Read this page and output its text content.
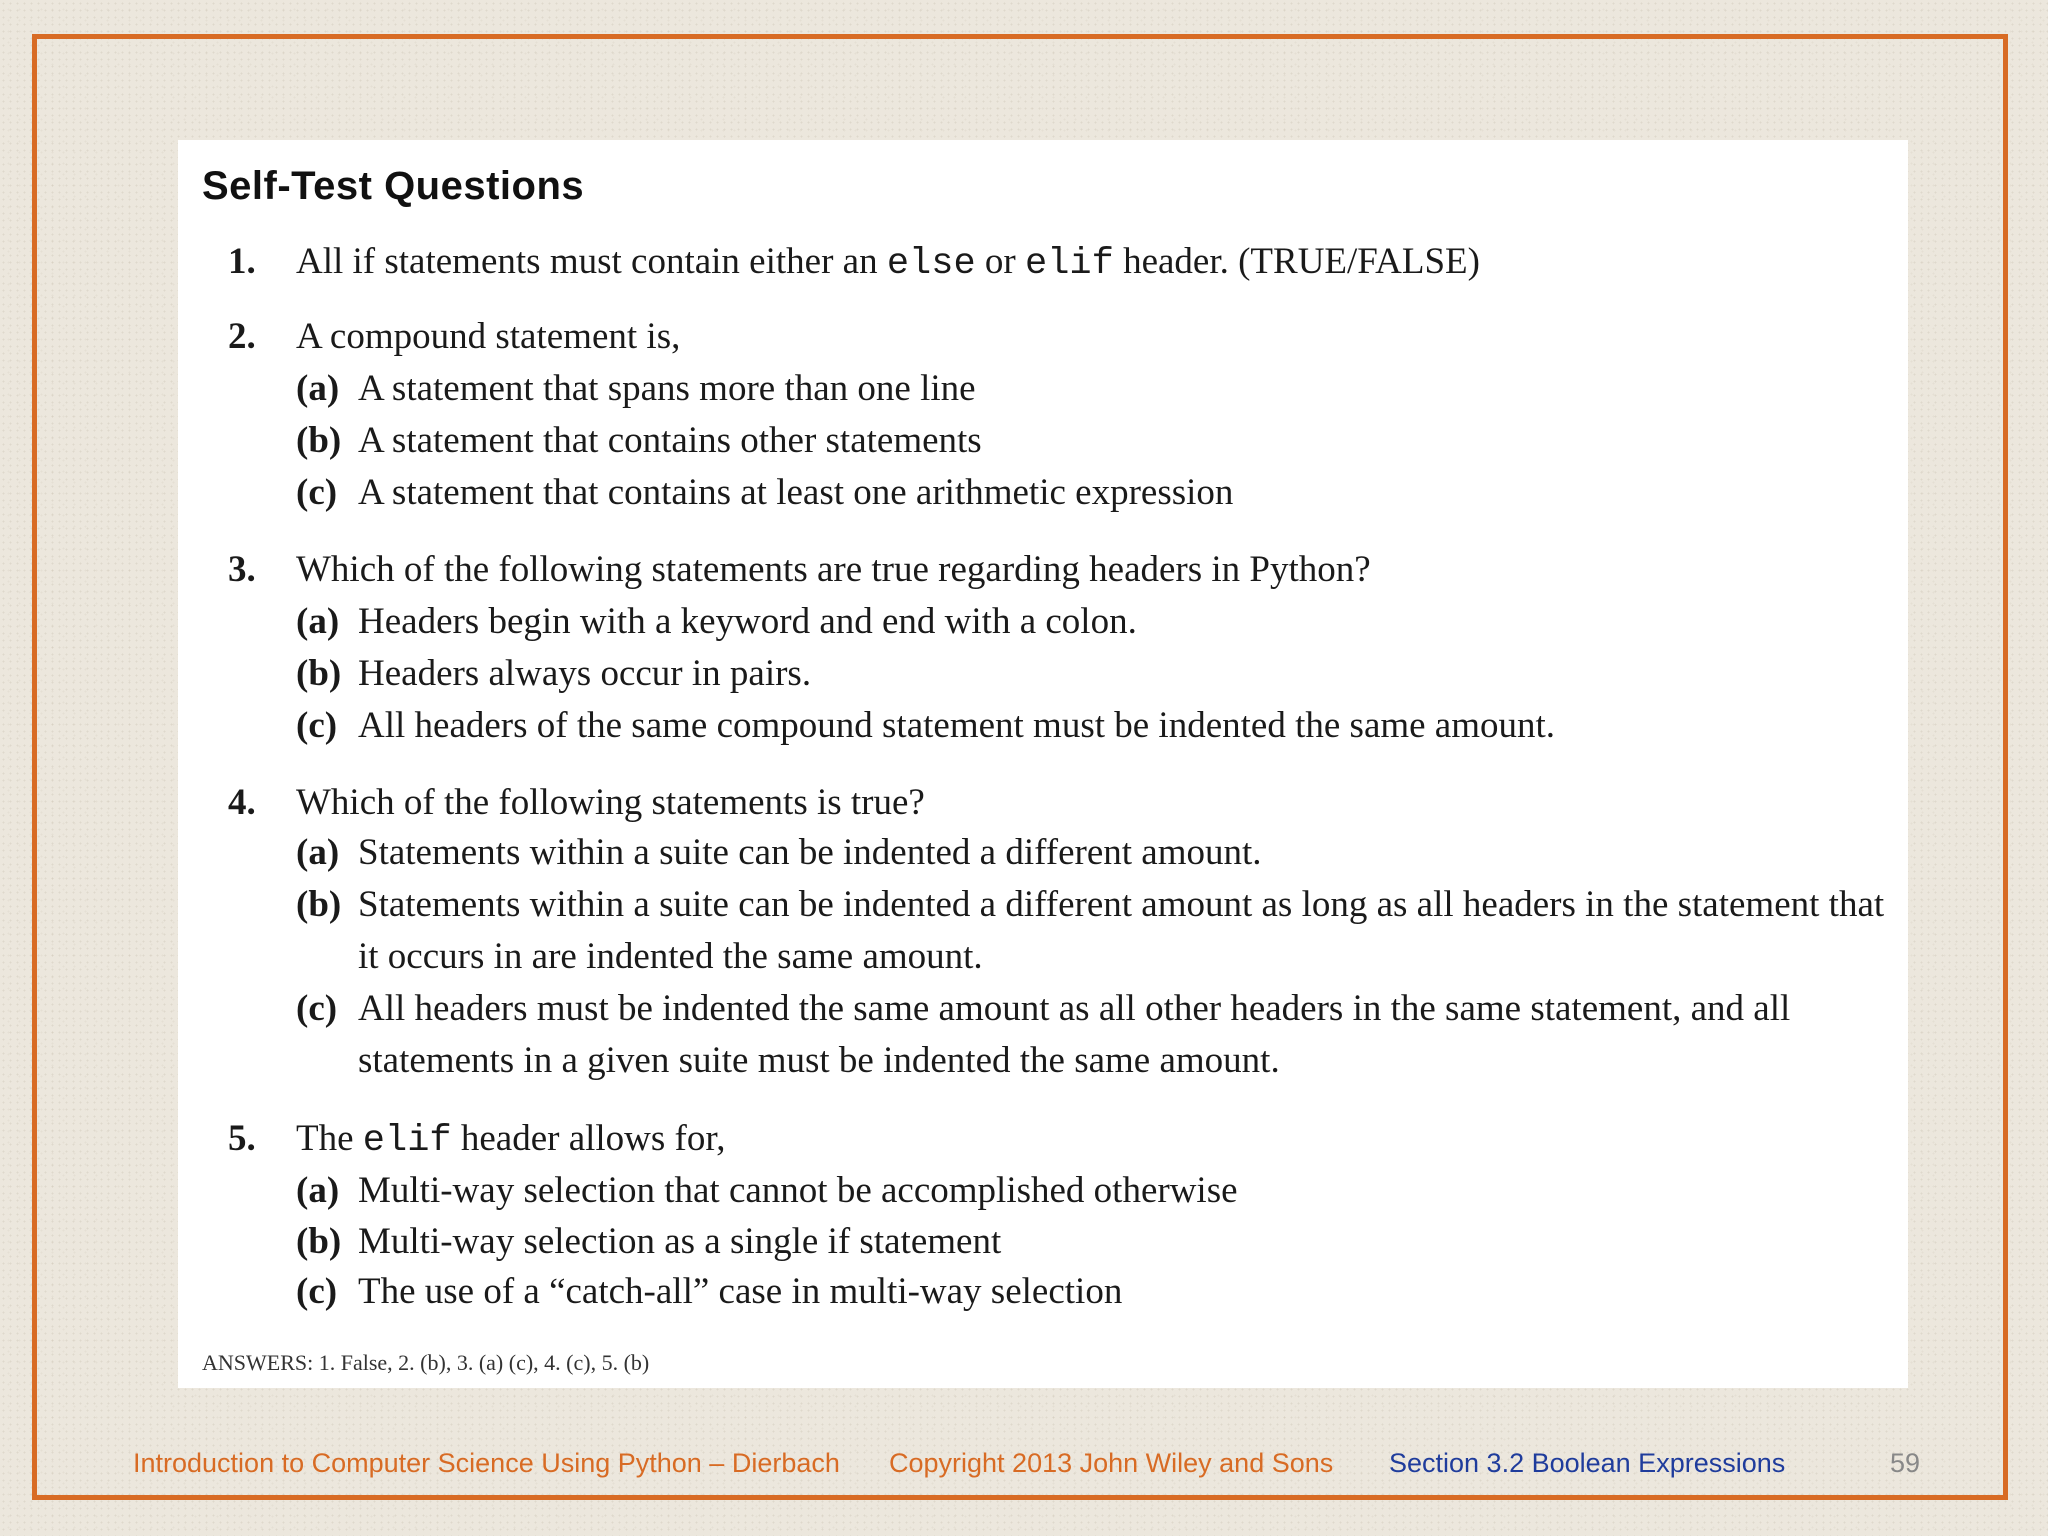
Self-Test Questions
1. All if statements must contain either an else or elif header. (TRUE/FALSE)
2. A compound statement is,
(a) A statement that spans more than one line
(b) A statement that contains other statements
(c) A statement that contains at least one arithmetic expression
3. Which of the following statements are true regarding headers in Python?
(a) Headers begin with a keyword and end with a colon.
(b) Headers always occur in pairs.
(c) All headers of the same compound statement must be indented the same amount.
4. Which of the following statements is true?
(a) Statements within a suite can be indented a different amount.
(b) Statements within a suite can be indented a different amount as long as all headers in the statement that it occurs in are indented the same amount.
(c) All headers must be indented the same amount as all other headers in the same statement, and all statements in a given suite must be indented the same amount.
5. The elif header allows for,
(a) Multi-way selection that cannot be accomplished otherwise
(b) Multi-way selection as a single if statement
(c) The use of a “catch-all” case in multi-way selection
ANSWERS: 1. False, 2. (b), 3. (a) (c), 4. (c), 5. (b)
Introduction to Computer Science Using Python – Dierbach Copyright 2013 John Wiley and Sons Section 3.2 Boolean Expressions	59
